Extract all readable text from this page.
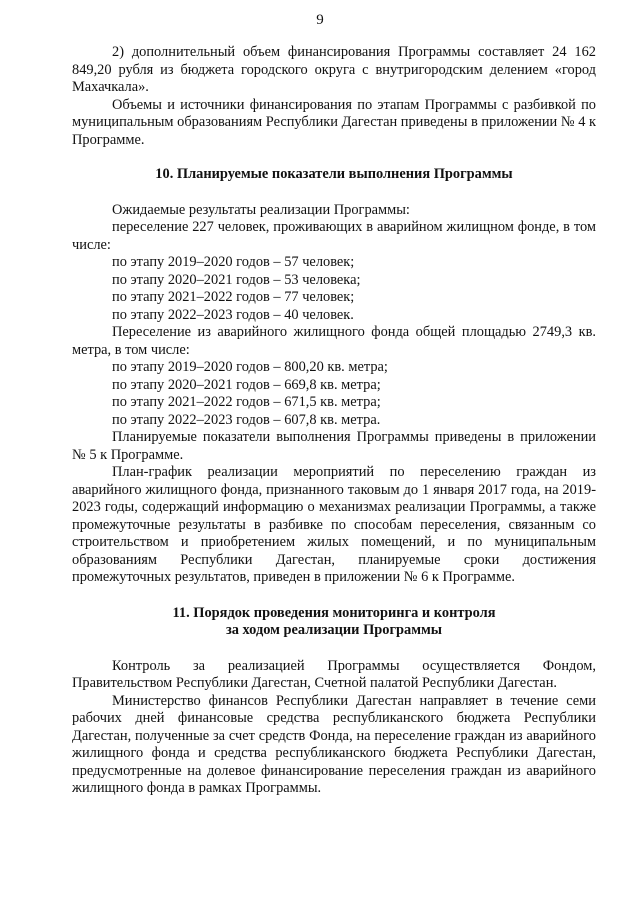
9

2) дополнительный объем финансирования Программы составляет 24 162 849,20 рубля из бюджета городского округа с внутригородским делением «город Махачкала».

Объемы и источники финансирования по этапам Программы с разбивкой по муниципальным образованиям Республики Дагестан приведены в приложении № 4 к Программе.

10. Планируемые показатели выполнения Программы

Ожидаемые результаты реализации Программы:

переселение 227 человек, проживающих в аварийном жилищном фонде, в том числе:

по этапу 2019–2020 годов – 57 человек;
по этапу 2020–2021 годов – 53 человека;
по этапу 2021–2022 годов – 77 человек;
по этапу 2022–2023 годов – 40 человек.

Переселение из аварийного жилищного фонда общей площадью 2749,3 кв. метра, в том числе:

по этапу 2019–2020 годов – 800,20 кв. метра;
по этапу 2020–2021 годов – 669,8 кв. метра;
по этапу 2021–2022 годов – 671,5 кв. метра;
по этапу 2022–2023 годов – 607,8 кв. метра.

Планируемые показатели выполнения Программы приведены в приложении № 5 к Программе.

План-график реализации мероприятий по переселению граждан из аварийного жилищного фонда, признанного таковым до 1 января 2017 года, на 2019-2023 годы, содержащий информацию о механизмах реализации Программы, а также промежуточные результаты в разбивке по способам переселения, связанным со строительством и приобретением жилых помещений, и по муниципальным образованиям Республики Дагестан, планируемые сроки достижения промежуточных результатов, приведен в приложении № 6 к Программе.

11. Порядок проведения мониторинга и контроля
за ходом реализации Программы

Контроль за реализацией Программы осуществляется Фондом, Правительством Республики Дагестан, Счетной палатой Республики Дагестан.

Министерство финансов Республики Дагестан направляет в течение семи рабочих дней финансовые средства республиканского бюджета Республики Дагестан, полученные за счет средств Фонда, на переселение граждан из аварийного жилищного фонда и средства республиканского бюджета Республики Дагестан, предусмотренные на долевое финансирование переселения граждан из аварийного жилищного фонда в рамках Программы.
